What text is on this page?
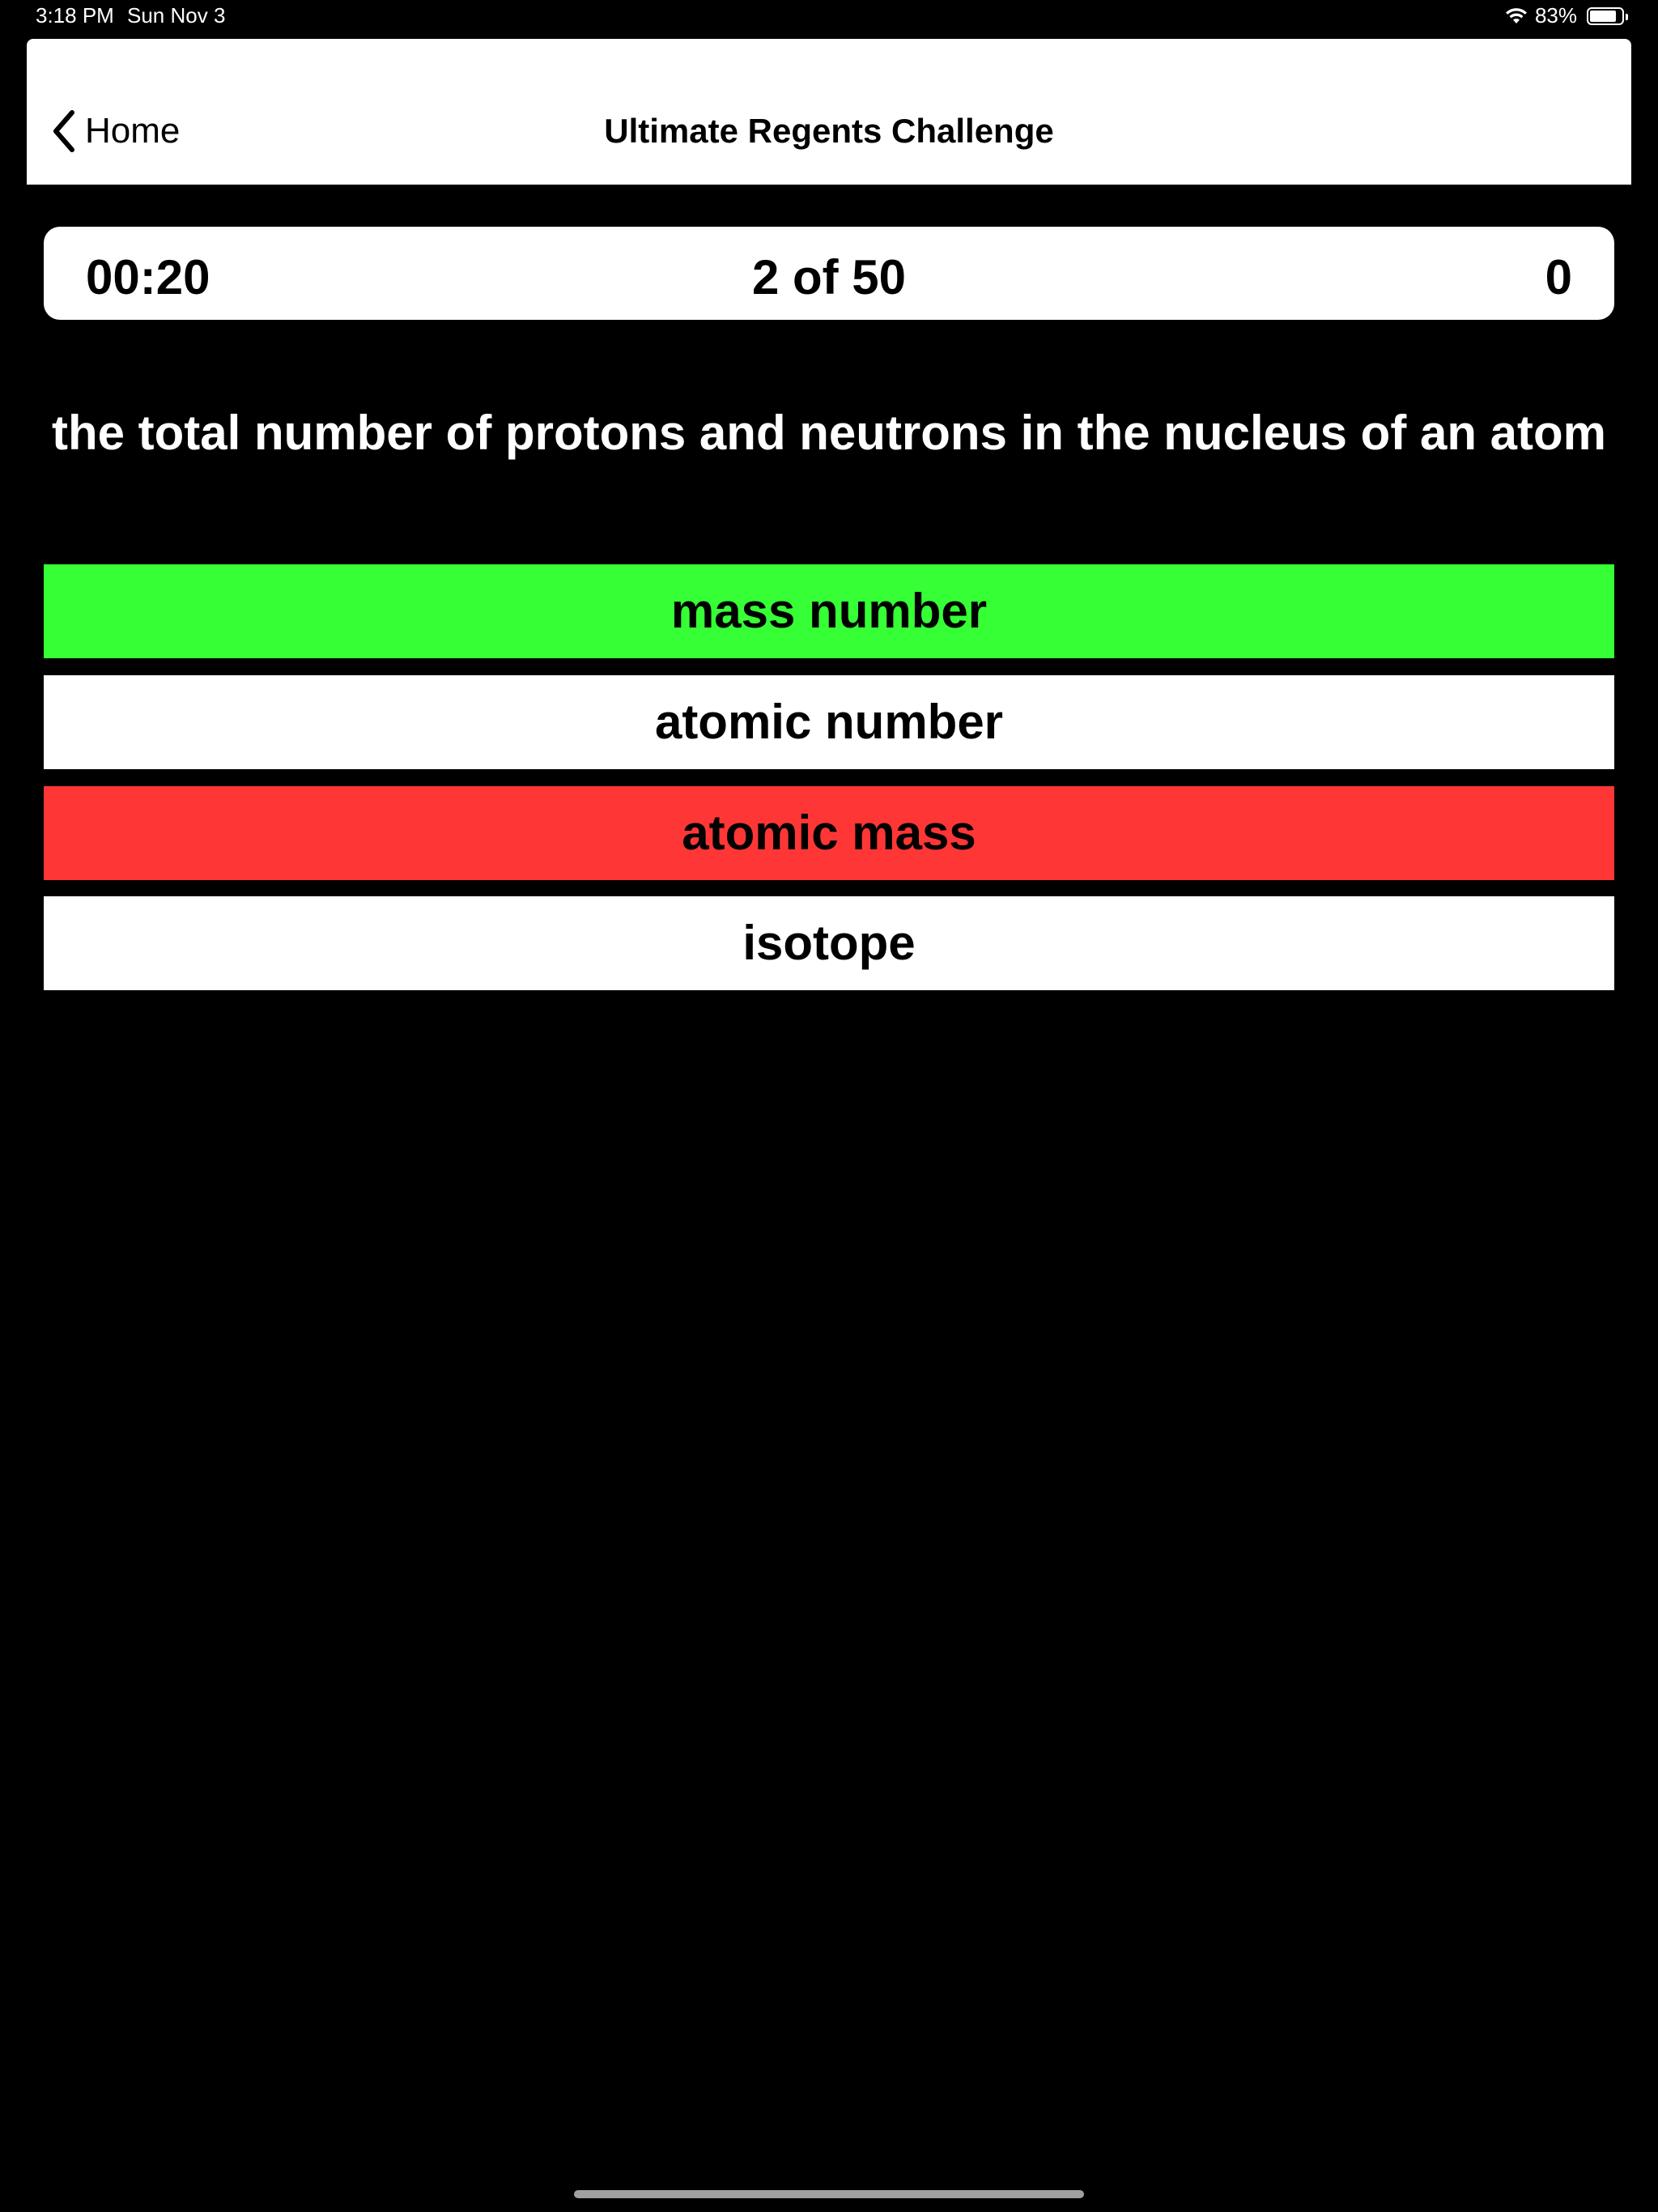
3:18 PM Sun Nov 3	83%
Home	Ultimate Regents Challenge
00:20	2 of 50	0
the total number of protons and neutrons in the nucleus of an atom
mass number
atomic number
atomic mass
isotope
